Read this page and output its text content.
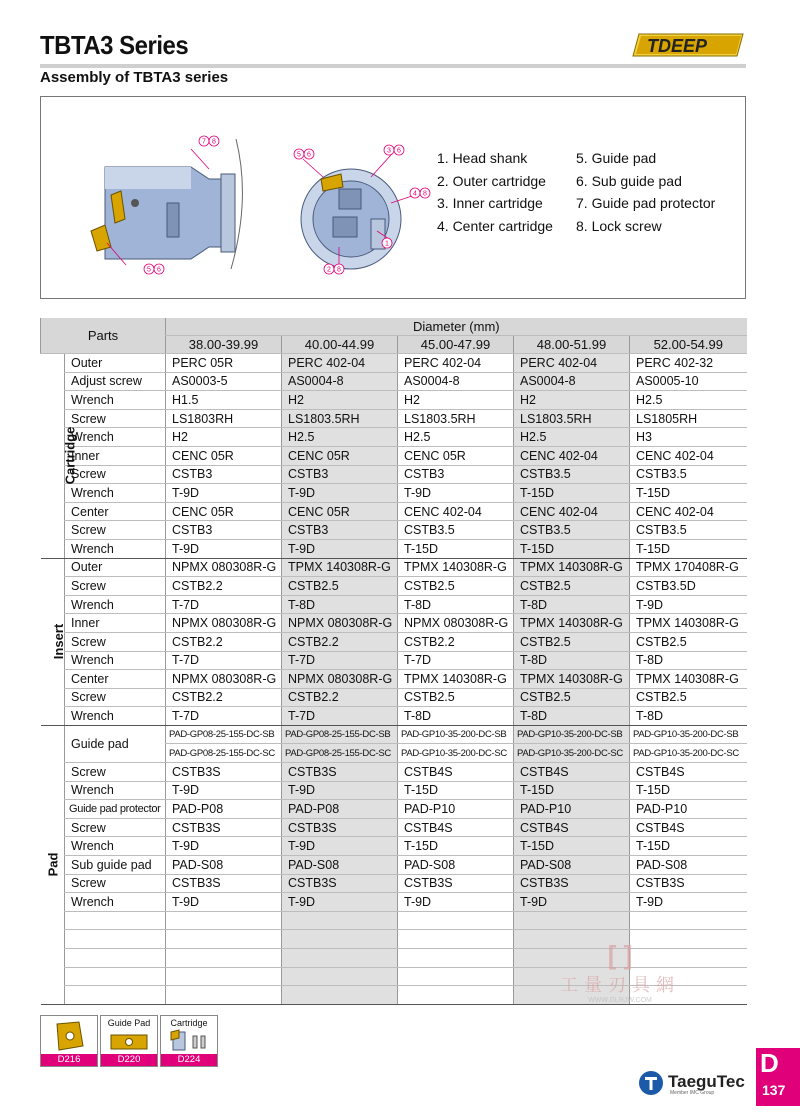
TBTA3 Series
Assembly of TBTA3 series
TDEEP
7 8
5 6
5 6
3 6
4 8
1
2 8
1. Head shank
2. Outer cartridge
3. Inner cartridge
4. Center cartridge
5. Guide pad
6. Sub guide pad
7. Guide pad protector
8. Lock screw
Parts		Diameter (mm)				
		38.00-39.99	40.00-44.99	45.00-47.99	48.00-51.99	52.00-54.99
Cartridge	Outer	PERC 05R	PERC 402-04	PERC 402-04	PERC 402-04	PERC 402-32
	Adjust screw	AS0003-5	AS0004-8	AS0004-8	AS0004-8	AS0005-10
	Wrench	H1.5	H2	H2	H2	H2.5
	Screw	LS1803RH	LS1803.5RH	LS1803.5RH	LS1803.5RH	LS1805RH
	Wrench	H2	H2.5	H2.5	H2.5	H3
	Inner	CENC 05R	CENC 05R	CENC 05R	CENC 402-04	CENC 402-04
	Screw	CSTB3	CSTB3	CSTB3	CSTB3.5	CSTB3.5
	Wrench	T-9D	T-9D	T-9D	T-15D	T-15D
	Center	CENC 05R	CENC 05R	CENC 402-04	CENC 402-04	CENC 402-04
	Screw	CSTB3	CSTB3	CSTB3.5	CSTB3.5	CSTB3.5
	Wrench	T-9D	T-9D	T-15D	T-15D	T-15D
Insert	Outer	NPMX 080308R-G	TPMX 140308R-G	TPMX 140308R-G	TPMX 140308R-G	TPMX 170408R-G
	Screw	CSTB2.2	CSTB2.5	CSTB2.5	CSTB2.5	CSTB3.5D
	Wrench	T-7D	T-8D	T-8D	T-8D	T-9D
	Inner	NPMX 080308R-G	NPMX 080308R-G	NPMX 080308R-G	TPMX 140308R-G	TPMX 140308R-G
	Screw	CSTB2.2	CSTB2.2	CSTB2.2	CSTB2.5	CSTB2.5
	Wrench	T-7D	T-7D	T-7D	T-8D	T-8D
	Center	NPMX 080308R-G	NPMX 080308R-G	TPMX 140308R-G	TPMX 140308R-G	TPMX 140308R-G
	Screw	CSTB2.2	CSTB2.2	CSTB2.5	CSTB2.5	CSTB2.5
	Wrench	T-7D	T-7D	T-8D	T-8D	T-8D
Pad	Guide pad	PAD-GP08-25-155-DC-SB	PAD-GP08-25-155-DC-SB	PAD-GP10-35-200-DC-SB	PAD-GP10-35-200-DC-SB	PAD-GP10-35-200-DC-SB
		PAD-GP08-25-155-DC-SC	PAD-GP08-25-155-DC-SC	PAD-GP10-35-200-DC-SC	PAD-GP10-35-200-DC-SC	PAD-GP10-35-200-DC-SC
	Screw	CSTB3S	CSTB3S	CSTB4S	CSTB4S	CSTB4S
	Wrench	T-9D	T-9D	T-15D	T-15D	T-15D
	Guide pad protector	PAD-P08	PAD-P08	PAD-P10	PAD-P10	PAD-P10
	Screw	CSTB3S	CSTB3S	CSTB4S	CSTB4S	CSTB4S
	Wrench	T-9D	T-9D	T-15D	T-15D	T-15D
	Sub guide pad	PAD-S08	PAD-S08	PAD-S08	PAD-S08	PAD-S08
	Screw	CSTB3S	CSTB3S	CSTB3S	CSTB3S	CSTB3S
	Wrench	T-9D	T-9D	T-9D	T-9D	T-9D

[ ]
工量刃具網
WWW.GLRJW.COM
D216
Guide Pad
D220
Cartridge
D224
TaeguTec
Member IMC Group
D
137
